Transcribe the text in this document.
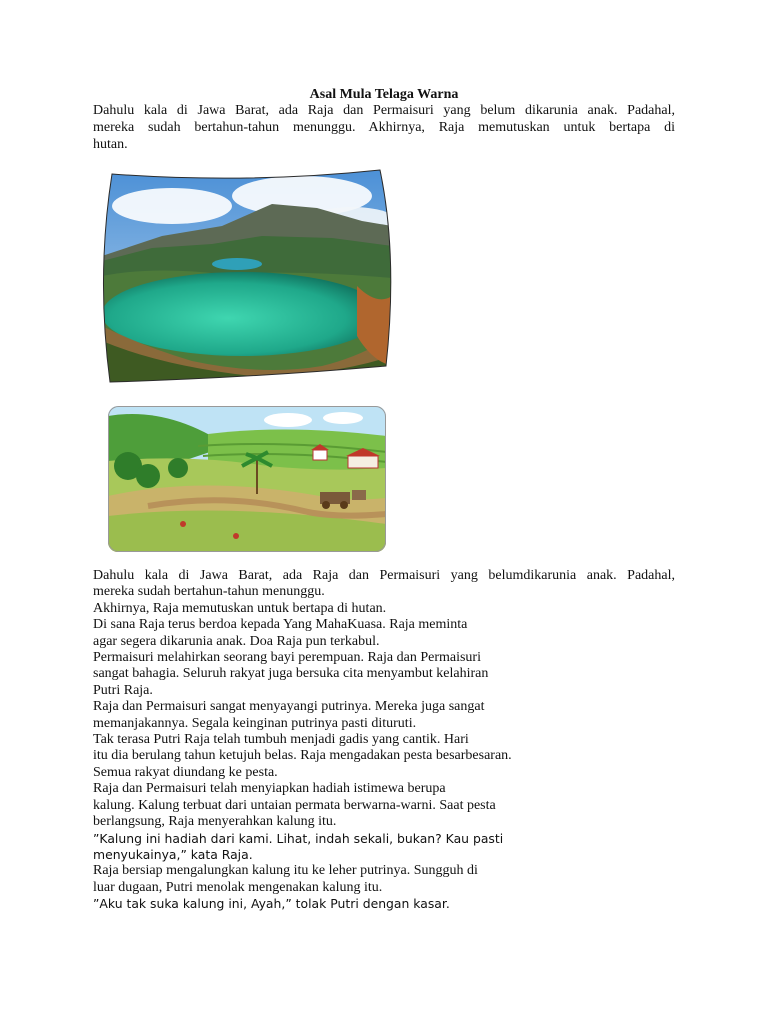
Asal Mula Telaga Warna
Dahulu kala di Jawa Barat, ada Raja dan Permaisuri yang belum dikarunia anak. Padahal,
mereka sudah bertahun-tahun menunggu. Akhirnya, Raja memutuskan untuk bertapa di
hutan.
Dahulu kala di Jawa Barat, ada Raja dan Permaisuri yang belumdikarunia anak. Padahal,
mereka sudah bertahun-tahun menunggu.
Akhirnya, Raja memutuskan untuk bertapa di hutan.
Di sana Raja terus berdoa kepada Yang MahaKuasa. Raja meminta
agar segera dikarunia anak. Doa Raja pun terkabul.
Permaisuri melahirkan seorang bayi perempuan. Raja dan Permaisuri
sangat bahagia. Seluruh rakyat juga bersuka cita menyambut kelahiran
Putri Raja.
Raja dan Permaisuri sangat menyayangi putrinya. Mereka juga sangat
memanjakannya. Segala keinginan putrinya pasti dituruti.
Tak terasa Putri Raja telah tumbuh menjadi gadis yang cantik. Hari
itu dia berulang tahun ketujuh belas. Raja mengadakan pesta besarbesaran.
Semua rakyat diundang ke pesta.
Raja dan Permaisuri telah menyiapkan hadiah istimewa berupa
kalung. Kalung terbuat dari untaian permata berwarna-warni. Saat pesta
berlangsung, Raja menyerahkan kalung itu.
”Kalung ini hadiah dari kami. Lihat, indah sekali, bukan? Kau pasti
menyukainya,” kata Raja.
Raja bersiap mengalungkan kalung itu ke leher putrinya. Sungguh di
luar dugaan, Putri menolak mengenakan kalung itu.
”Aku tak suka kalung ini, Ayah,” tolak Putri dengan kasar.
